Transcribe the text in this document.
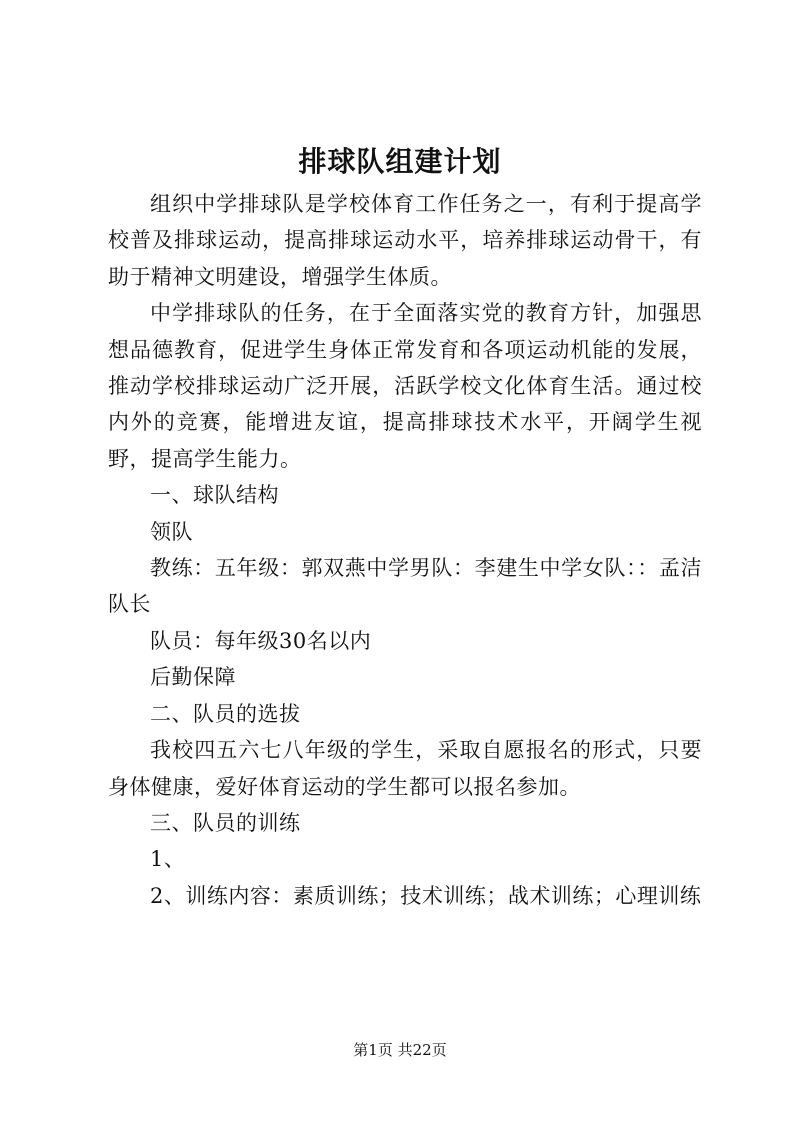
排球队组建计划

组织中学排球队是学校体育工作任务之一，有利于提高学校普及排球运动，提高排球运动水平，培养排球运动骨干，有助于精神文明建设，增强学生体质。

中学排球队的任务，在于全面落实党的教育方针，加强思想品德教育，促进学生身体正常发育和各项运动机能的发展，推动学校排球运动广泛开展，活跃学校文化体育生活。通过校内外的竞赛，能增进友谊，提高排球技术水平，开阔学生视野，提高学生能力。

一、球队结构

领队

教练：五年级：郭双燕中学男队：李建生中学女队：：孟洁队长

队员：每年级30名以内

后勤保障

二、队员的选拔

我校四五六七八年级的学生，采取自愿报名的形式，只要身体健康，爱好体育运动的学生都可以报名参加。

三、队员的训练

1、

2、训练内容：素质训练；技术训练；战术训练；心理训练

第1页 共22页
